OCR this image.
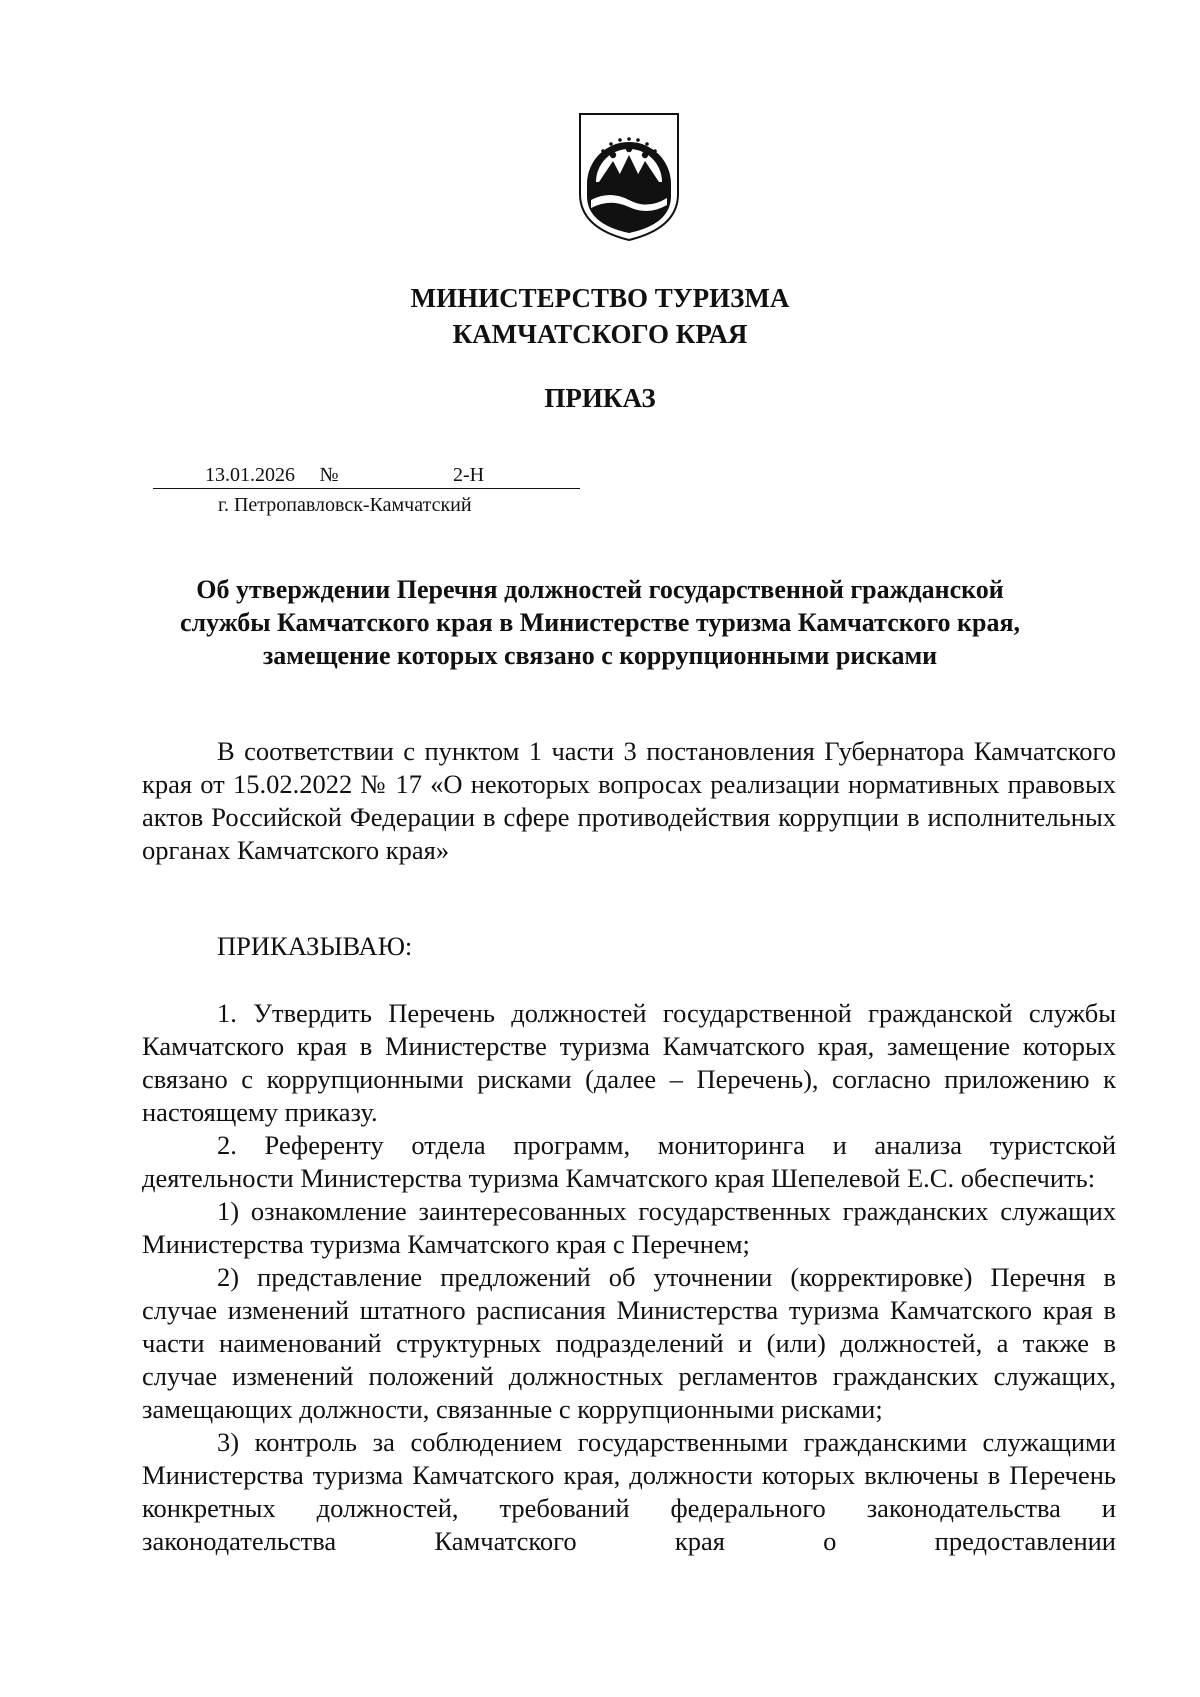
МИНИСТЕРСТВО ТУРИЗМА
КАМЧАТСКОГО КРАЯ
ПРИКАЗ
13.01.2026	№	2-Н
г. Петропавловск-Камчатский
Об утверждении Перечня должностей государственной гражданской
службы Камчатского края в Министерстве туризма Камчатского края,
замещение которых связано с коррупционными рисками
В соответствии с пунктом 1 части 3 постановления Губернатора Камчатского края от 15.02.2022 № 17 «О некоторых вопросах реализации нормативных правовых актов Российской Федерации в сфере противодействия коррупции в исполнительных органах Камчатского края»
ПРИКАЗЫВАЮ:
1. Утвердить Перечень должностей государственной гражданской службы Камчатского края в Министерстве туризма Камчатского края, замещение которых связано с коррупционными рисками (далее – Перечень), согласно приложению к настоящему приказу.
2. Референту отдела программ, мониторинга и анализа туристской деятельности Министерства туризма Камчатского края Шепелевой Е.С. обеспечить:
1) ознакомление заинтересованных государственных гражданских служащих Министерства туризма Камчатского края с Перечнем;
2) представление предложений об уточнении (корректировке) Перечня в случае изменений штатного расписания Министерства туризма Камчатского края в части наименований структурных подразделений и (или) должностей, а также в случае изменений положений должностных регламентов гражданских служащих, замещающих должности, связанные с коррупционными рисками;
3) контроль за соблюдением государственными гражданскими служащими Министерства туризма Камчатского края, должности которых включены в Перечень конкретных должностей, требований федерального законодательства и законодательства Камчатского края о предоставлении
